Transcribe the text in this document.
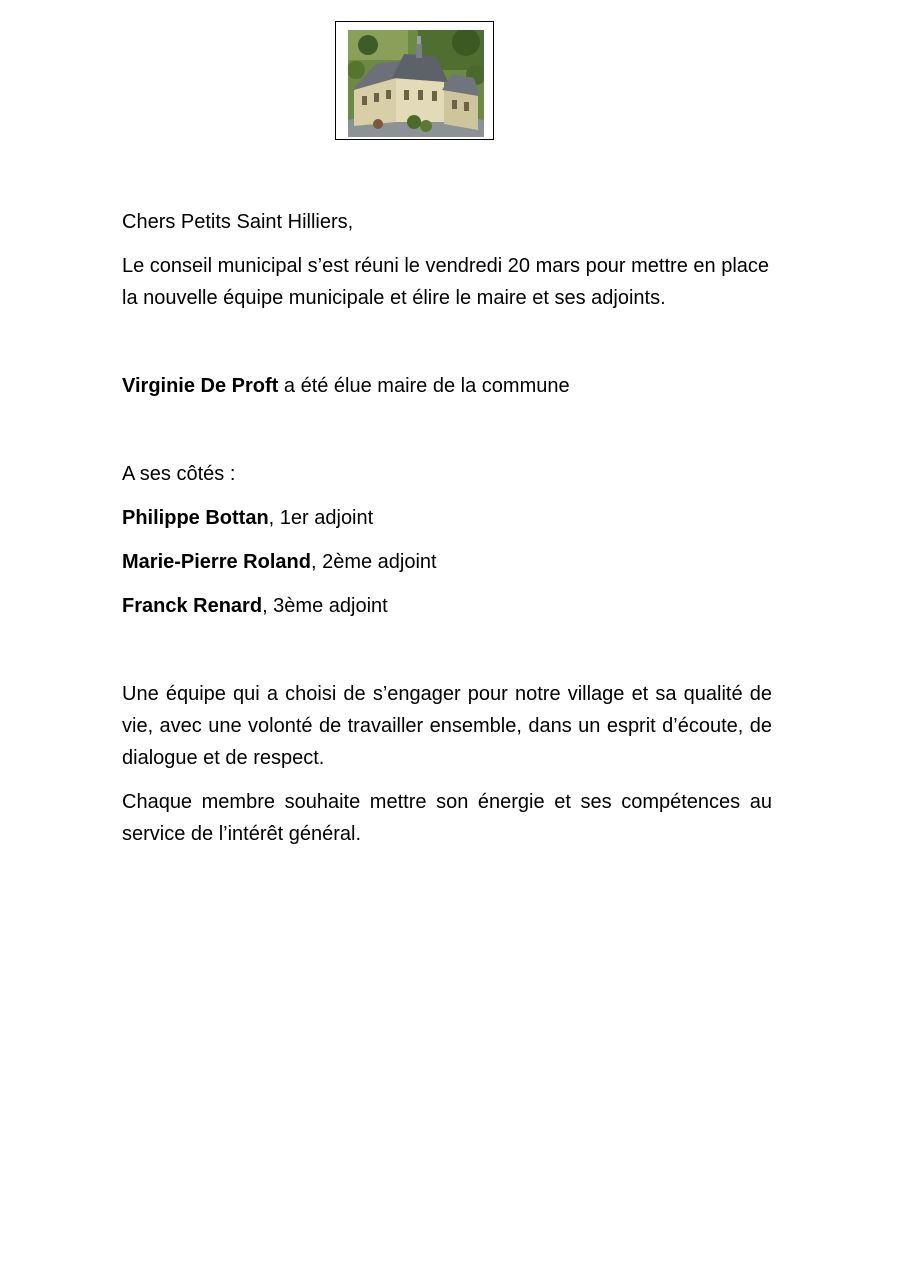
Chers Petits Saint Hilliers,

Le conseil municipal s’est réuni le vendredi 20 mars pour mettre en place la nouvelle équipe municipale et élire le maire et ses adjoints.

Virginie De Proft a été élue maire de la commune

A ses côtés :

Philippe Bottan, 1er adjoint

Marie-Pierre Roland, 2ème adjoint

Franck Renard, 3ème adjoint

Une équipe qui a choisi de s’engager pour notre village et sa qualité de vie, avec une volonté de travailler ensemble, dans un esprit d’écoute, de dialogue et de respect.

Chaque membre souhaite mettre son énergie et ses compétences au service de l’intérêt général.
